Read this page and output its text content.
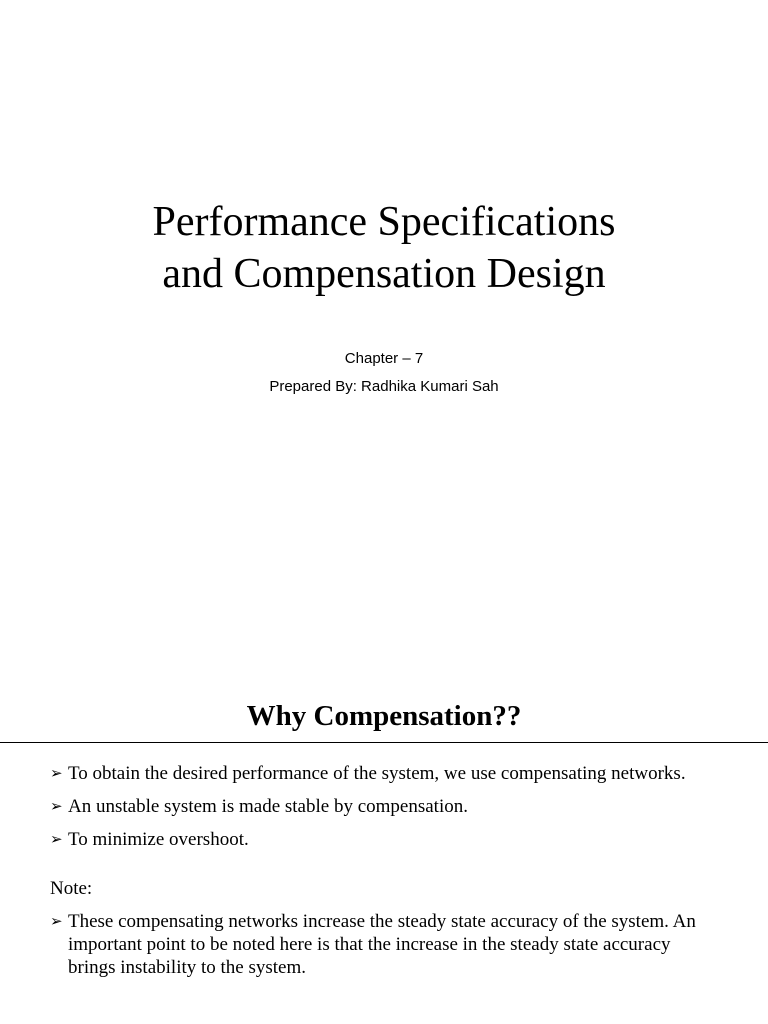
Performance Specifications
and Compensation Design
Chapter – 7
Prepared By: Radhika Kumari Sah
Why Compensation??
➢ To obtain the desired performance of the system, we use compensating networks.
➢ An unstable system is made stable by compensation.
➢ To minimize overshoot.
Note:
➢ These compensating networks increase the steady state accuracy of the system. An important point to be noted here is that the increase in the steady state accuracy brings instability to the system.
